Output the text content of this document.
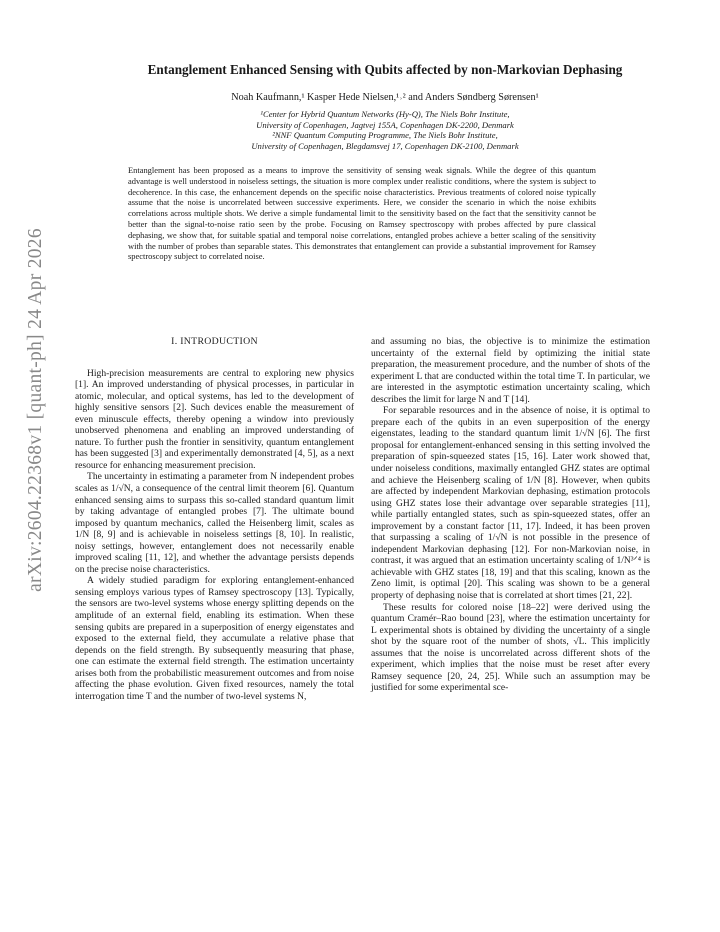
arXiv:2604.22368v1 [quant-ph] 24 Apr 2026
Entanglement Enhanced Sensing with Qubits affected by non-Markovian Dephasing
Noah Kaufmann,¹ Kasper Hede Nielsen,¹˒² and Anders Søndberg Sørensen¹
¹Center for Hybrid Quantum Networks (Hy-Q), The Niels Bohr Institute,
University of Copenhagen, Jagtvej 155A, Copenhagen DK-2200, Denmark
²NNF Quantum Computing Programme, The Niels Bohr Institute,
University of Copenhagen, Blegdamsvej 17, Copenhagen DK-2100, Denmark
Entanglement has been proposed as a means to improve the sensitivity of sensing weak signals. While the degree of this quantum advantage is well understood in noiseless settings, the situation is more complex under realistic conditions, where the system is subject to decoherence. In this case, the enhancement depends on the specific noise characteristics. Previous treatments of colored noise typically assume that the noise is uncorrelated between successive experiments. Here, we consider the scenario in which the noise exhibits correlations across multiple shots. We derive a simple fundamental limit to the sensitivity based on the fact that the sensitivity cannot be better than the signal-to-noise ratio seen by the probe. Focusing on Ramsey spectroscopy with probes affected by pure classical dephasing, we show that, for suitable spatial and temporal noise correlations, entangled probes achieve a better scaling of the sensitivity with the number of probes than separable states. This demonstrates that entanglement can provide a substantial improvement for Ramsey spectroscopy subject to correlated noise.
I. INTRODUCTION

High-precision measurements are central to exploring new physics [1]. An improved understanding of physical processes, in particular in atomic, molecular, and optical systems, has led to the development of highly sensitive sensors [2]. Such devices enable the measurement of even minuscule effects, thereby opening a window into previously unobserved phenomena and enabling an improved understanding of nature. To further push the frontier in sensitivity, quantum entanglement has been suggested [3] and experimentally demonstrated [4, 5], as a next resource for enhancing measurement precision.

The uncertainty in estimating a parameter from N independent probes scales as 1/√N, a consequence of the central limit theorem [6]. Quantum enhanced sensing aims to surpass this so-called standard quantum limit by taking advantage of entangled probes [7]. The ultimate bound imposed by quantum mechanics, called the Heisenberg limit, scales as 1/N [8, 9] and is achievable in noiseless settings [8, 10]. In realistic, noisy settings, however, entanglement does not necessarily enable improved scaling [11, 12], and whether the advantage persists depends on the precise noise characteristics.

A widely studied paradigm for exploring entanglement-enhanced sensing employs various types of Ramsey spectroscopy [13]. Typically, the sensors are two-level systems whose energy splitting depends on the amplitude of an external field, enabling its estimation. When these sensing qubits are prepared in a superposition of energy eigenstates and exposed to the external field, they accumulate a relative phase that depends on the field strength. By subsequently measuring that phase, one can estimate the external field strength. The estimation uncertainty arises both from the probabilistic measurement outcomes and from noise affecting the phase evolution. Given fixed resources, namely the total interrogation time T and the number of two-level systems N,

and assuming no bias, the objective is to minimize the estimation uncertainty of the external field by optimizing the initial state preparation, the measurement procedure, and the number of shots of the experiment L that are conducted within the total time T. In particular, we are interested in the asymptotic estimation uncertainty scaling, which describes the limit for large N and T [14].

For separable resources and in the absence of noise, it is optimal to prepare each of the qubits in an even superposition of the energy eigenstates, leading to the standard quantum limit 1/√N [6]. The first proposal for entanglement-enhanced sensing in this setting involved the preparation of spin-squeezed states [15, 16]. Later work showed that, under noiseless conditions, maximally entangled GHZ states are optimal and achieve the Heisenberg scaling of 1/N [8]. However, when qubits are affected by independent Markovian dephasing, estimation protocols using GHZ states lose their advantage over separable strategies [11], while partially entangled states, such as spin-squeezed states, offer an improvement by a constant factor [11, 17]. Indeed, it has been proven that surpassing a scaling of 1/√N is not possible in the presence of independent Markovian dephasing [12]. For non-Markovian noise, in contrast, it was argued that an estimation uncertainty scaling of 1/N³ᐟ⁴ is achievable with GHZ states [18, 19] and that this scaling, known as the Zeno limit, is optimal [20]. This scaling was shown to be a general property of dephasing noise that is correlated at short times [21, 22].

These results for colored noise [18–22] were derived using the quantum Cramér–Rao bound [23], where the estimation uncertainty for L experimental shots is obtained by dividing the uncertainty of a single shot by the square root of the number of shots, √L. This implicitly assumes that the noise is uncorrelated across different shots of the experiment, which implies that the noise must be reset after every Ramsey sequence [20, 24, 25]. While such an assumption may be justified for some experimental sce-
